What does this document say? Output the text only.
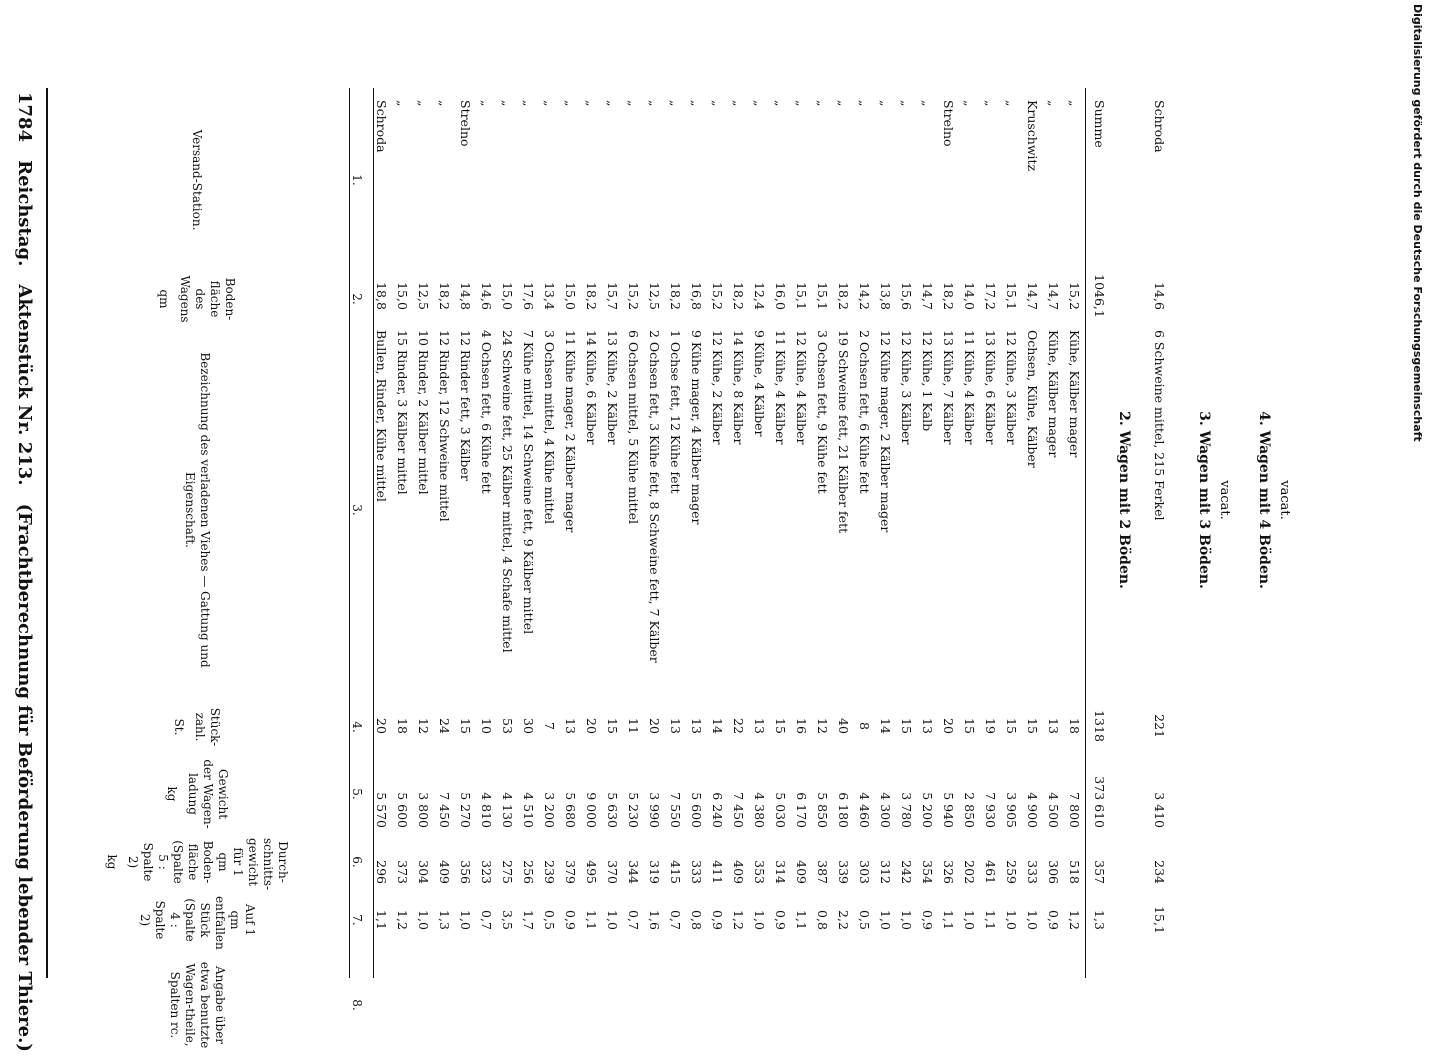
1784
Reichstag.
Aktenstück Nr. 213.
(Frachtberechnung für Beförderung lebender Thiere.)
1.
Versand-Station.
2.
Boden-fläche des Wagens
qm
3.
Bezeichnung des verladenen Viehes — Gattung und Eigenschaft.
4.
Stück-zahl.
St.
5.
Gewicht der Wagen-ladung
kg
6.
Durch-schnitts-gewicht für 1 qm Boden-fläche (Spalte 5 : Spalte 2)
kg
7.
Auf 1 qm entfallen Stück (Spalte 4 : Spalte 2)
8.
Angabe über etwa benutzte Wagen-theile, Spalten rc.
Schroda
18,8
Bullen, Rinder, Kühe mittel
20
5 570
296
1,1
„
15,0
15 Rinder, 3 Kälber mittel
18
5 600
373
1,2
„
12,5
10 Rinder, 2 Kälber mittel
12
3 800
304
1,0
„
18,2
12 Rinder, 12 Schweine mittel
24
7 450
409
1,3
Strelno
14,8
12 Rinder fett, 3 Kälber
15
5 270
356
1,0
„
14,6
4 Ochsen fett, 6 Kühe fett
10
4 810
323
0,7
„
15,0
24 Schweine fett, 25 Kälber mittel, 4 Schafe mittel
53
4 130
275
3,5
„
17,6
7 Kühe mittel, 14 Schweine fett, 9 Kälber mittel
30
4 510
256
1,7
„
13,4
3 Ochsen mittel, 4 Kühe mittel
7
3 200
239
0,5
„
15,0
11 Kühe mager, 2 Kälber mager
13
5 680
379
0,9
„
18,2
14 Kühe, 6 Kälber
20
9 000
495
1,1
„
15,7
13 Kühe, 2 Kälber
15
5 630
370
1,0
„
15,2
6 Ochsen mittel, 5 Kühe mittel
11
5 230
344
0,7
„
12,5
2 Ochsen fett, 3 Kühe fett, 8 Schweine fett, 7 Kälber
20
3 990
319
1,6
„
18,2
1 Ochse fett, 12 Kühe fett
13
7 550
415
0,7
„
16,8
9 Kühe mager, 4 Kälber mager
13
5 600
333
0,8
„
15,2
12 Kühe, 2 Kälber
14
6 240
411
0,9
„
18,2
14 Kühe, 8 Kälber
22
7 450
409
1,2
„
12,4
9 Kühe, 4 Kälber
13
4 380
353
1,0
„
16,0
11 Kühe, 4 Kälber
15
5 030
314
0,9
„
15,1
12 Kühe, 4 Kälber
16
6 170
409
1,1
„
15,1
3 Ochsen fett, 9 Kühe fett
12
5 850
387
0,8
„
18,2
19 Schweine fett, 21 Kälber fett
40
6 180
339
2,2
„
14,2
2 Ochsen fett, 6 Kühe fett
8
4 460
303
0,5
„
13,8
12 Kühe mager, 2 Kälber mager
14
4 300
312
1,0
„
15,6
12 Kühe, 3 Kälber
15
3 780
242
1,0
„
14,7
12 Kühe, 1 Kalb
13
5 200
354
0,9
Strelno
18,2
13 Kühe, 7 Kälber
20
5 940
326
1,1
„
14,0
11 Kühe, 4 Kälber
15
2 850
202
1,0
„
17,2
13 Kühe, 6 Kälber
19
7 930
461
1,1
„
15,1
12 Kühe, 3 Kälber
15
3 905
259
1,0
Kruschwitz
14,7
Ochsen, Kühe, Kälber
15
4 900
333
1,0
„
14,7
Kühe, Kälber mager
13
4 500
306
0,9
„
15,2
Kühe, Kälber mager
18
7 800
518
1,2
Summe
1046,1
1318
373 610
357
1,3
2. Wagen mit 2 Böden.
Schroda
14,6
6 Schweine mittel, 215 Ferkel
221
3 410
234
15,1
3. Wagen mit 3 Böden. vacat. 4. Wagen mit 4 Böden. vacat.
Digitalisierung gefördert durch die Deutsche Forschungsgemeinschaft
